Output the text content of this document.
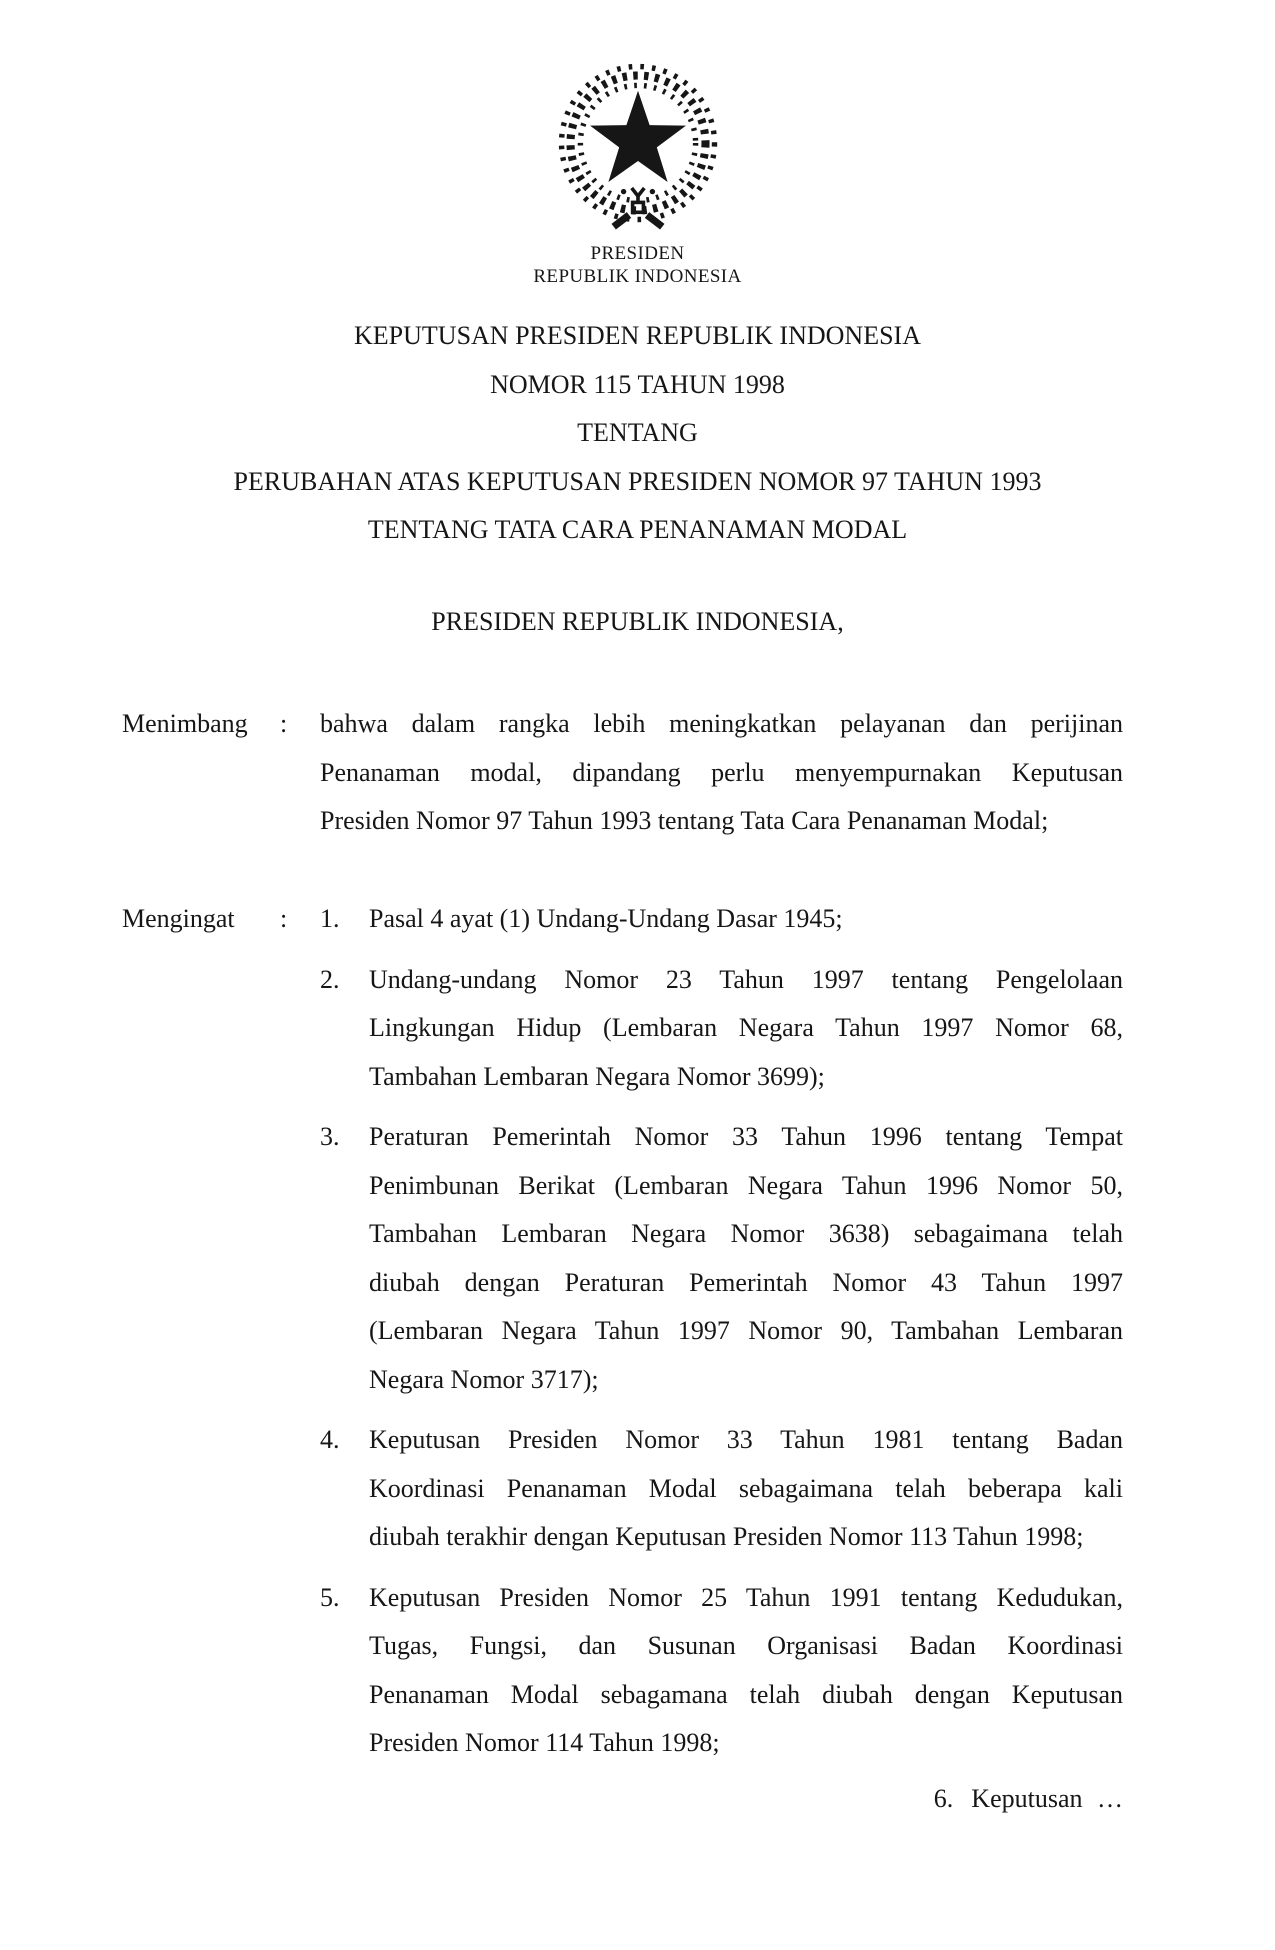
PRESIDEN
REPUBLIK INDONESIA
KEPUTUSAN PRESIDEN REPUBLIK INDONESIA
NOMOR 115 TAHUN 1998
TENTANG
PERUBAHAN ATAS KEPUTUSAN PRESIDEN NOMOR 97 TAHUN 1993
TENTANG TATA CARA PENANAMAN MODAL
PRESIDEN REPUBLIK INDONESIA,
Menimbang	:	bahwa dalam rangka lebih meningkatkan pelayanan dan perijinan
Penanaman modal, dipandang perlu menyempurnakan Keputusan
Presiden Nomor 97 Tahun 1993 tentang Tata Cara Penanaman Modal;
Mengingat	:	1.	Pasal 4 ayat (1) Undang-Undang Dasar 1945;
2.	Undang-undang Nomor 23 Tahun 1997 tentang Pengelolaan
Lingkungan Hidup (Lembaran Negara Tahun 1997 Nomor 68,
Tambahan Lembaran Negara Nomor 3699);
3.	Peraturan Pemerintah Nomor 33 Tahun 1996 tentang Tempat
Penimbunan Berikat (Lembaran Negara Tahun 1996 Nomor 50,
Tambahan Lembaran Negara Nomor 3638) sebagaimana telah
diubah dengan Peraturan Pemerintah Nomor 43 Tahun 1997
(Lembaran Negara Tahun 1997 Nomor 90, Tambahan Lembaran
Negara Nomor 3717);
4.	Keputusan Presiden Nomor 33 Tahun 1981 tentang Badan
Koordinasi Penanaman Modal sebagaimana telah beberapa kali
diubah terakhir dengan Keputusan Presiden Nomor 113 Tahun 1998;
5.	Keputusan Presiden Nomor 25 Tahun 1991 tentang Kedudukan,
Tugas, Fungsi, dan Susunan Organisasi Badan Koordinasi
Penanaman Modal sebagamana telah diubah dengan Keputusan
Presiden Nomor 114 Tahun 1998;
6. Keputusan …
